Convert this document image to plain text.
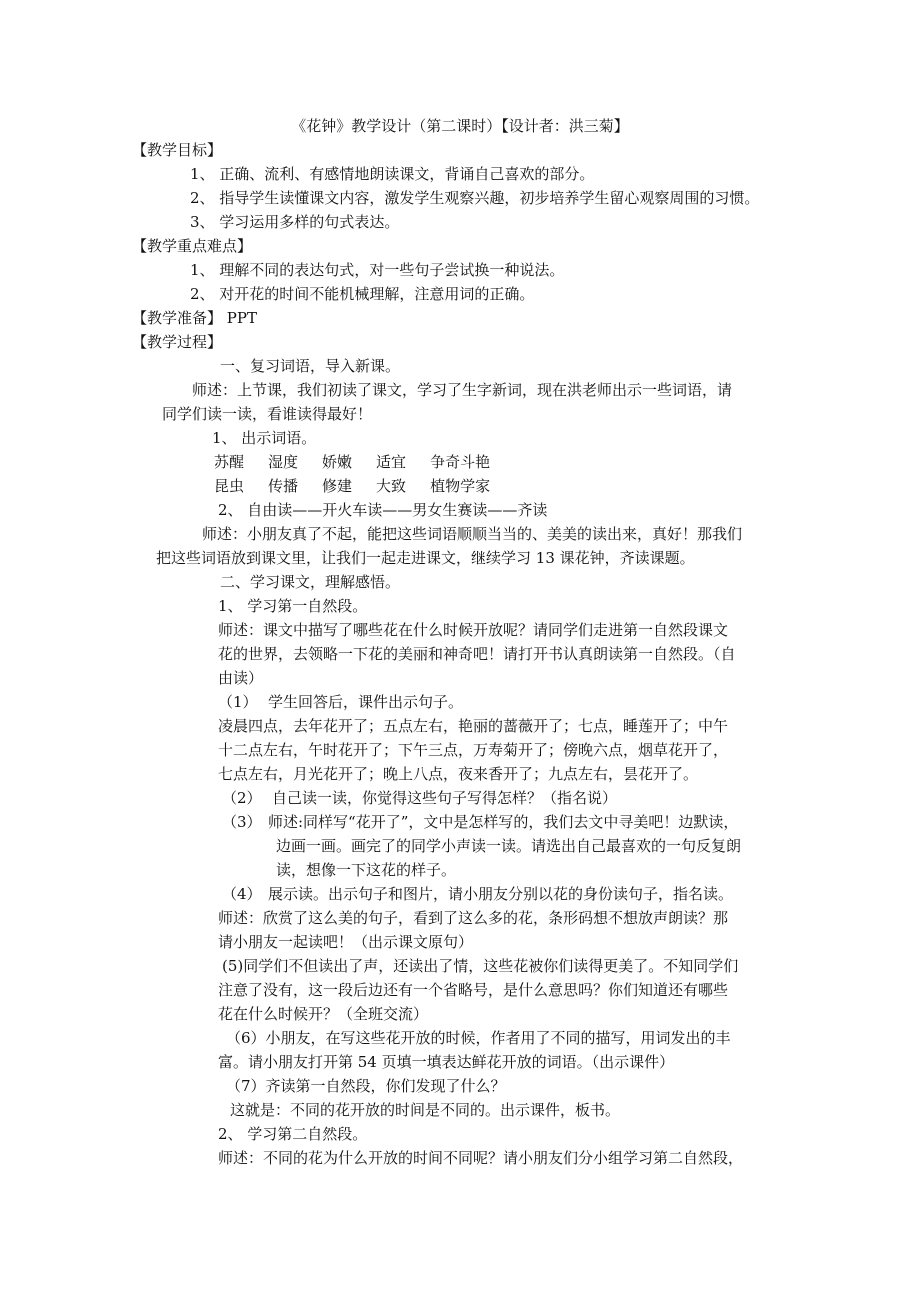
《花钟》教学设计（第二课时）【设计者：洪三菊】
【教学目标】
1、 正确、流利、有感情地朗读课文，背诵自己喜欢的部分。
2、 指导学生读懂课文内容，激发学生观察兴趣，初步培养学生留心观察周围的习惯。
3、 学习运用多样的句式表达。
【教学重点难点】
1、 理解不同的表达句式，对一些句子尝试换一种说法。
2、 对开花的时间不能机械理解，注意用词的正确。
【教学准备】 PPT
【教学过程】
一、复习词语，导入新课。
师述：上节课，我们初读了课文，学习了生字新词，现在洪老师出示一些词语，请
同学们读一读，看谁读得最好！
1、 出示词语。
苏醒 湿度 娇嫩 适宜 争奇斗艳
昆虫 传播 修建 大致 植物学家
2、 自由读——开火车读——男女生赛读——齐读
师述：小朋友真了不起，能把这些词语顺顺当当的、美美的读出来，真好！那我们
把这些词语放到课文里，让我们一起走进课文，继续学习 13 课花钟，齐读课题。
二、学习课文，理解感悟。
1、 学习第一自然段。
师述：课文中描写了哪些花在什么时候开放呢？请同学们走进第一自然段课文
花的世界，去领略一下花的美丽和神奇吧！请打开书认真朗读第一自然段。（自
由读）
（1） 学生回答后，课件出示句子。
凌晨四点，去年花开了；五点左右，艳丽的蔷薇开了；七点，睡莲开了；中午
十二点左右，午时花开了；下午三点，万寿菊开了；傍晚六点，烟草花开了，
七点左右，月光花开了；晚上八点，夜来香开了；九点左右，昙花开了。
（2） 自己读一读，你觉得这些句子写得怎样？（指名说）
（3） 师述:同样写“花开了”，文中是怎样写的，我们去文中寻美吧！边默读，
边画一画。画完了的同学小声读一读。请选出自己最喜欢的一句反复朗
读，想像一下这花的样子。
（4） 展示读。出示句子和图片，请小朋友分别以花的身份读句子，指名读。
师述：欣赏了这么美的句子，看到了这么多的花，条形码想不想放声朗读？那
请小朋友一起读吧！（出示课文原句）
(5)同学们不但读出了声，还读出了情，这些花被你们读得更美了。不知同学们
注意了没有，这一段后边还有一个省略号，是什么意思吗？你们知道还有哪些
花在什么时候开？（全班交流）
（6）小朋友，在写这些花开放的时候，作者用了不同的描写，用词发出的丰
富。请小朋友打开第 54 页填一填表达鲜花开放的词语。（出示课件）
（7）齐读第一自然段，你们发现了什么？
这就是：不同的花开放的时间是不同的。出示课件，板书。
2、 学习第二自然段。
师述：不同的花为什么开放的时间不同呢？请小朋友们分小组学习第二自然段，
